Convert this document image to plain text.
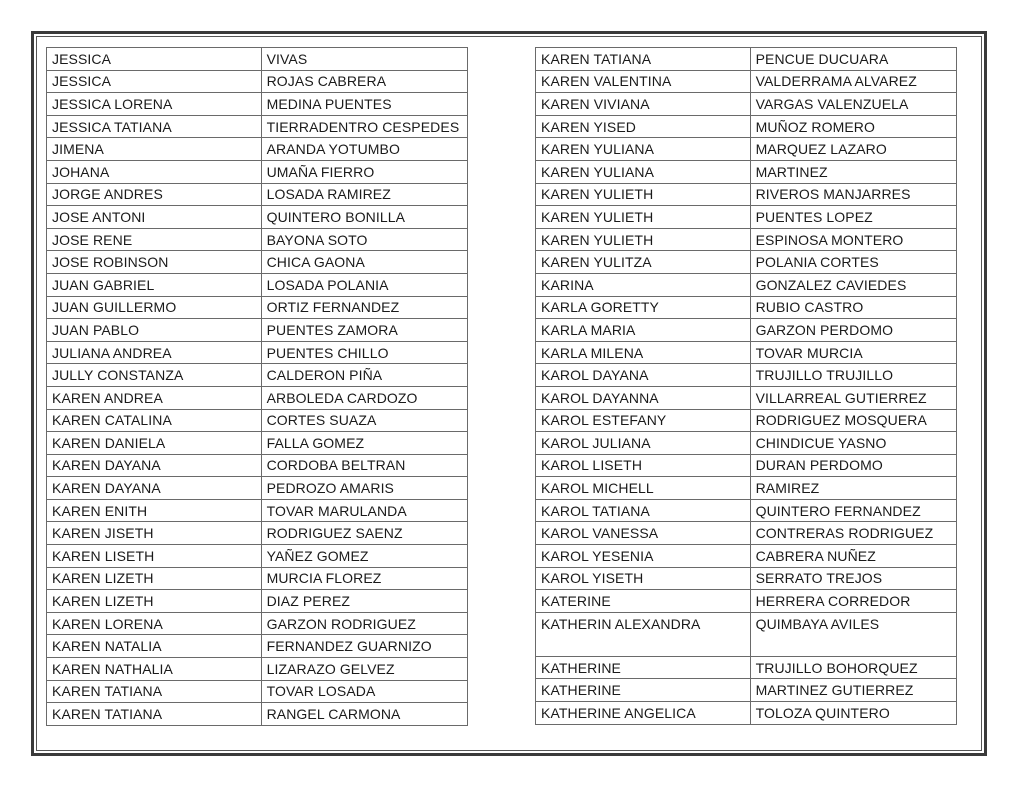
JESSICA	VIVAS
JESSICA	ROJAS CABRERA
JESSICA LORENA	MEDINA PUENTES
JESSICA TATIANA	TIERRADENTRO CESPEDES
JIMENA	ARANDA YOTUMBO
JOHANA	UMAÑA FIERRO
JORGE ANDRES	LOSADA RAMIREZ
JOSE ANTONI	QUINTERO BONILLA
JOSE RENE	BAYONA SOTO
JOSE ROBINSON	CHICA GAONA
JUAN GABRIEL	LOSADA POLANIA
JUAN GUILLERMO	ORTIZ FERNANDEZ
JUAN PABLO	PUENTES ZAMORA
JULIANA ANDREA	PUENTES CHILLO
JULLY CONSTANZA	CALDERON PIÑA
KAREN ANDREA	ARBOLEDA CARDOZO
KAREN CATALINA	CORTES SUAZA
KAREN DANIELA	FALLA GOMEZ
KAREN DAYANA	CORDOBA BELTRAN
KAREN DAYANA	PEDROZO AMARIS
KAREN ENITH	TOVAR MARULANDA
KAREN JISETH	RODRIGUEZ SAENZ
KAREN LISETH	YAÑEZ GOMEZ
KAREN LIZETH	MURCIA FLOREZ
KAREN LIZETH	DIAZ PEREZ
KAREN LORENA	GARZON RODRIGUEZ
KAREN NATALIA	FERNANDEZ GUARNIZO
KAREN NATHALIA	LIZARAZO GELVEZ
KAREN TATIANA	TOVAR LOSADA
KAREN TATIANA	RANGEL CARMONA
KAREN TATIANA	PENCUE DUCUARA
KAREN VALENTINA	VALDERRAMA ALVAREZ
KAREN VIVIANA	VARGAS VALENZUELA
KAREN YISED	MUÑOZ ROMERO
KAREN YULIANA	MARQUEZ LAZARO
KAREN YULIANA	MARTINEZ
KAREN YULIETH	RIVEROS MANJARRES
KAREN YULIETH	PUENTES LOPEZ
KAREN YULIETH	ESPINOSA MONTERO
KAREN YULITZA	POLANIA CORTES
KARINA	GONZALEZ CAVIEDES
KARLA GORETTY	RUBIO CASTRO
KARLA MARIA	GARZON PERDOMO
KARLA MILENA	TOVAR MURCIA
KAROL DAYANA	TRUJILLO TRUJILLO
KAROL DAYANNA	VILLARREAL GUTIERREZ
KAROL ESTEFANY	RODRIGUEZ MOSQUERA
KAROL JULIANA	CHINDICUE YASNO
KAROL LISETH	DURAN PERDOMO
KAROL MICHELL	RAMIREZ
KAROL TATIANA	QUINTERO FERNANDEZ
KAROL VANESSA	CONTRERAS RODRIGUEZ
KAROL YESENIA	CABRERA NUÑEZ
KAROL YISETH	SERRATO TREJOS
KATERINE	HERRERA CORREDOR
KATHERIN ALEXANDRA	QUIMBAYA AVILES
KATHERINE	TRUJILLO BOHORQUEZ
KATHERINE	MARTINEZ GUTIERREZ
KATHERINE ANGELICA	TOLOZA QUINTERO
